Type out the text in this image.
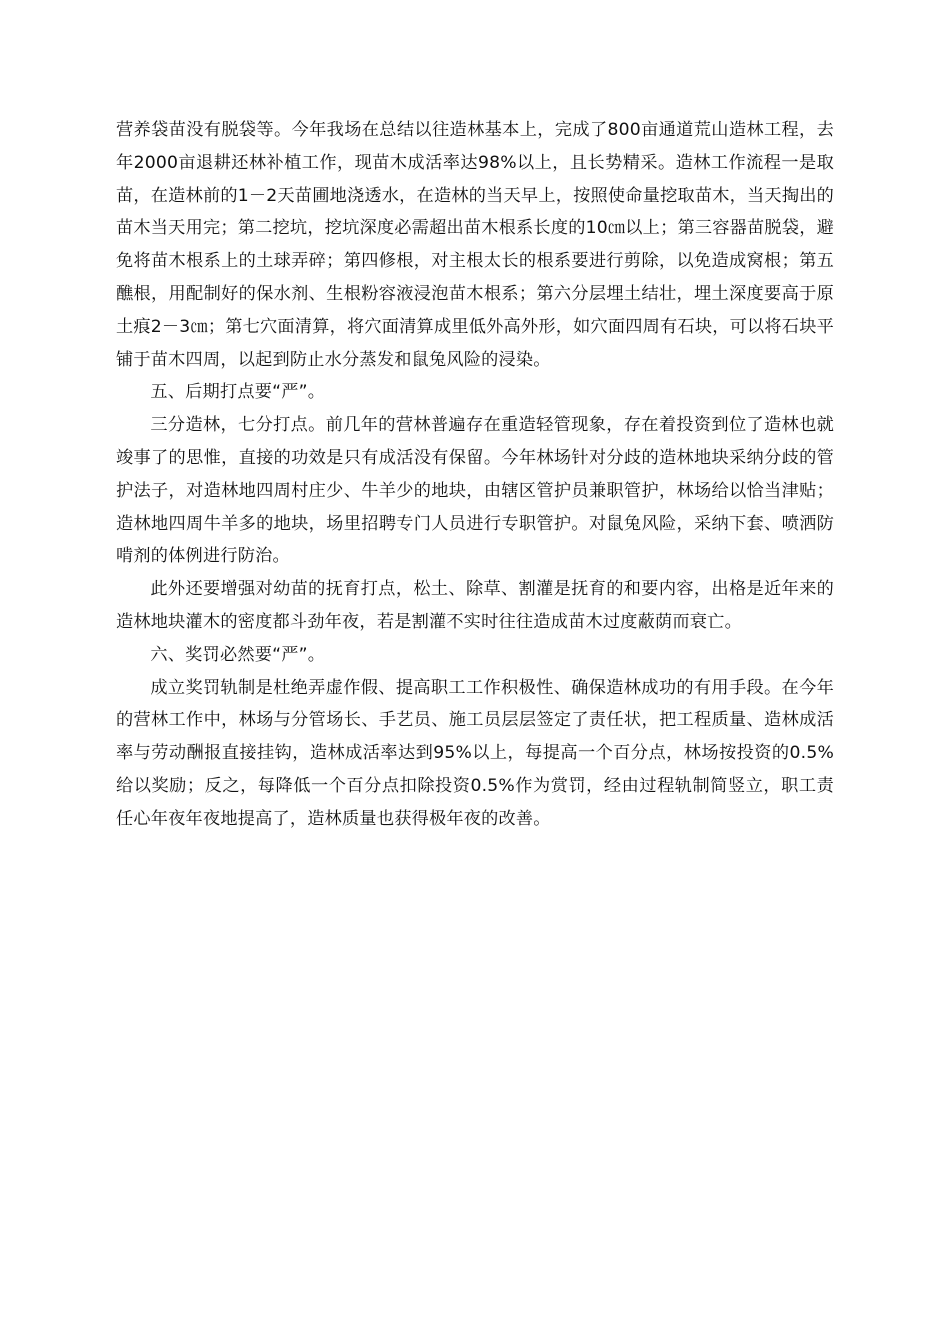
营养袋苗没有脱袋等。今年我场在总结以往造林基本上，完成了800亩通道荒山造林工程，去年2000亩退耕还林补植工作，现苗木成活率达98%以上，且长势精采。造林工作流程一是取苗，在造林前的1－2天苗圃地浇透水，在造林的当天早上，按照使命量挖取苗木，当天掏出的苗木当天用完；第二挖坑，挖坑深度必需超出苗木根系长度的10㎝以上；第三容器苗脱袋，避免将苗木根系上的土球弄碎；第四修根，对主根太长的根系要进行剪除，以免造成窝根；第五醮根，用配制好的保水剂、生根粉容液浸泡苗木根系；第六分层埋土结壮，埋土深度要高于原土痕2－3㎝；第七穴面清算，将穴面清算成里低外高外形，如穴面四周有石块，可以将石块平铺于苗木四周，以起到防止水分蒸发和鼠兔风险的浸染。

五、后期打点要“严”。

三分造林，七分打点。前几年的营林普遍存在重造轻管现象，存在着投资到位了造林也就竣事了的思惟，直接的功效是只有成活没有保留。今年林场针对分歧的造林地块采纳分歧的管护法子，对造林地四周村庄少、牛羊少的地块，由辖区管护员兼职管护，林场给以恰当津贴；造林地四周牛羊多的地块，场里招聘专门人员进行专职管护。对鼠兔风险，采纳下套、喷洒防啃剂的体例进行防治。

此外还要增强对幼苗的抚育打点，松土、除草、割灌是抚育的和要内容，出格是近年来的造林地块灌木的密度都斗劲年夜，若是割灌不实时往往造成苗木过度蔽荫而衰亡。

六、奖罚必然要“严”。

成立奖罚轨制是杜绝弄虚作假、提高职工工作积极性、确保造林成功的有用手段。在今年的营林工作中，林场与分管场长、手艺员、施工员层层签定了责任状，把工程质量、造林成活率与劳动酬报直接挂钩，造林成活率达到95%以上，每提高一个百分点，林场按投资的0.5%给以奖励；反之，每降低一个百分点扣除投资0.5%作为赏罚，经由过程轨制简竖立，职工责任心年夜年夜地提高了，造林质量也获得极年夜的改善。
